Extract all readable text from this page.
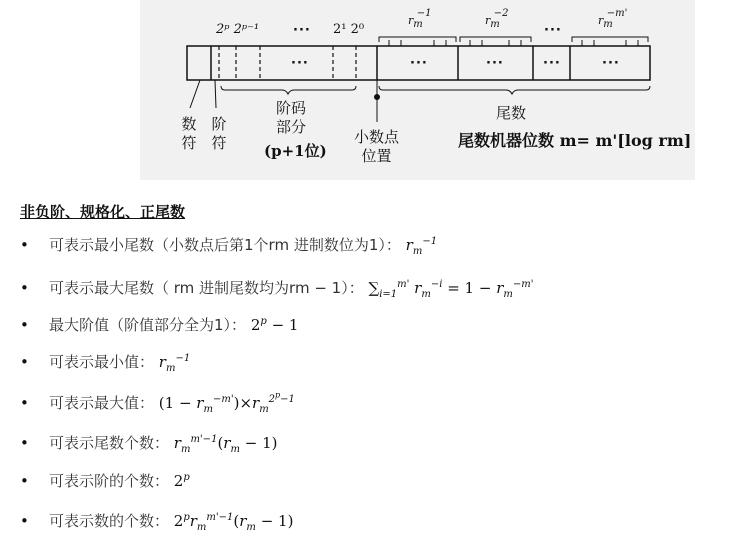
2ᵖ 2ᵖ⁻¹	··· 2¹ 2⁰
$r_m^{-1}$
$r_m^{-2}$
···
$r_m^{-m'}$
···	···	···	···	···
数符
阶符
阶码
部分
(p+1位)
小数点
位置
尾数
尾数机器位数 m= m'[log rm]
非负阶、规格化、正尾数
• 可表示最小尾数（小数点后第1个rm 进制数位为1）： $r_m^{-1}$
• 可表示最大尾数（ rm 进制尾数均为rm − 1）： $\sum_{i=1}^{m'}$ $r_m^{-i} = 1 - r_m^{-m'}$
• 最大阶值（阶值部分全为1）： $2^p - 1$
• 可表示最小值： $r_m^{-1}$
• 可表示最大值： $(1 - r_m^{-m'})\times r_m^{2^p-1}$
• 可表示尾数个数： $r_m^{m'-1}(r_m - 1)$
• 可表示阶的个数： 2$^p$
• 可表示数的个数： $2^pr_m^{m'-1}(r_m - 1)$
